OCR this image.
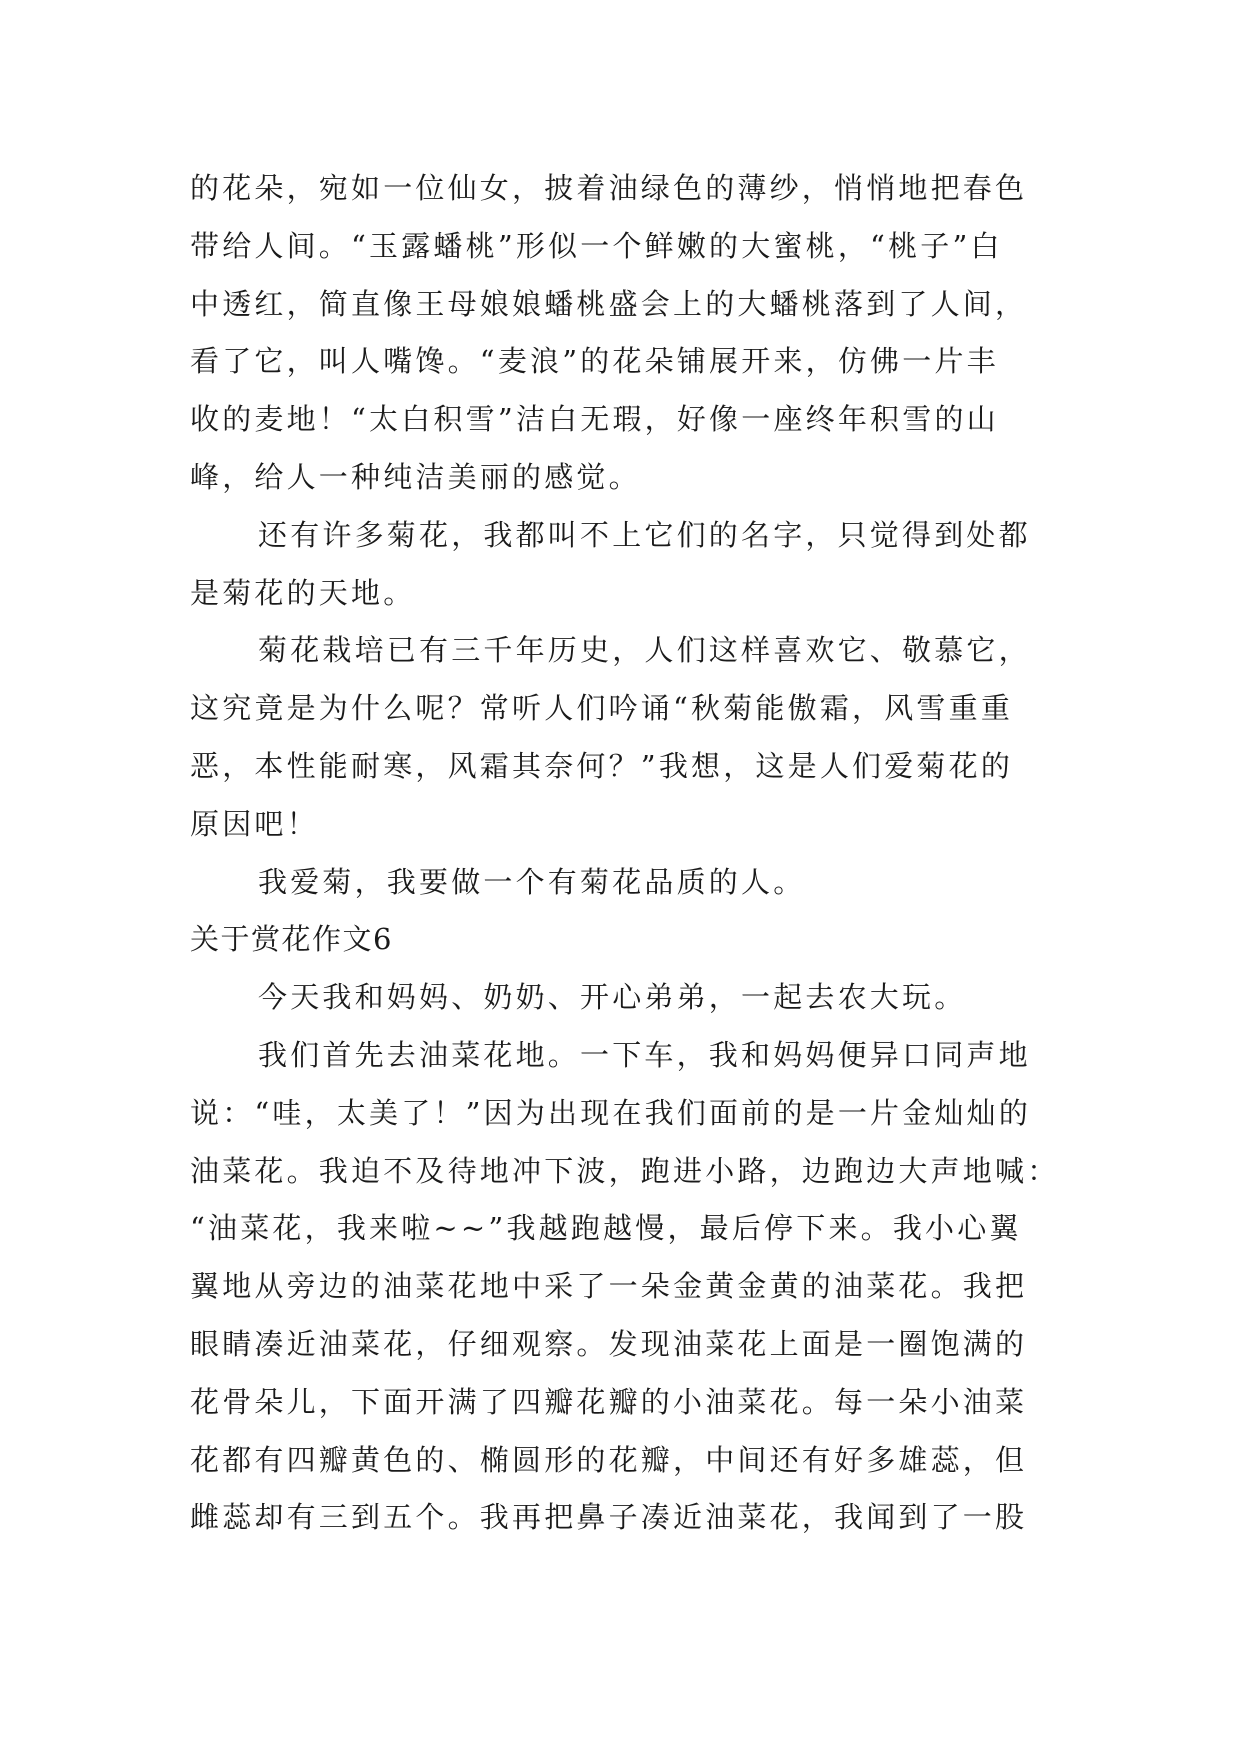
的花朵，宛如一位仙女，披着油绿色的薄纱，悄悄地把春色
带给人间。“玉露蟠桃”形似一个鲜嫩的大蜜桃，“桃子”白
中透红，简直像王母娘娘蟠桃盛会上的大蟠桃落到了人间，
看了它，叫人嘴馋。“麦浪”的花朵铺展开来，仿佛一片丰
收的麦地！“太白积雪”洁白无瑕，好像一座终年积雪的山
峰，给人一种纯洁美丽的感觉。
还有许多菊花，我都叫不上它们的名字，只觉得到处都
是菊花的天地。
菊花栽培已有三千年历史，人们这样喜欢它、敬慕它，
这究竟是为什么呢？常听人们吟诵“秋菊能傲霜，风雪重重
恶，本性能耐寒，风霜其奈何？”我想，这是人们爱菊花的
原因吧！
我爱菊，我要做一个有菊花品质的人。
关于赏花作文6
今天我和妈妈、奶奶、开心弟弟，一起去农大玩。
我们首先去油菜花地。一下车，我和妈妈便异口同声地
说：“哇，太美了！”因为出现在我们面前的是一片金灿灿的
油菜花。我迫不及待地冲下波，跑进小路，边跑边大声地喊：
“油菜花，我来啦~~”我越跑越慢，最后停下来。我小心翼
翼地从旁边的油菜花地中采了一朵金黄金黄的油菜花。我把
眼睛凑近油菜花，仔细观察。发现油菜花上面是一圈饱满的
花骨朵儿，下面开满了四瓣花瓣的小油菜花。每一朵小油菜
花都有四瓣黄色的、椭圆形的花瓣，中间还有好多雄蕊，但
雌蕊却有三到五个。我再把鼻子凑近油菜花，我闻到了一股
